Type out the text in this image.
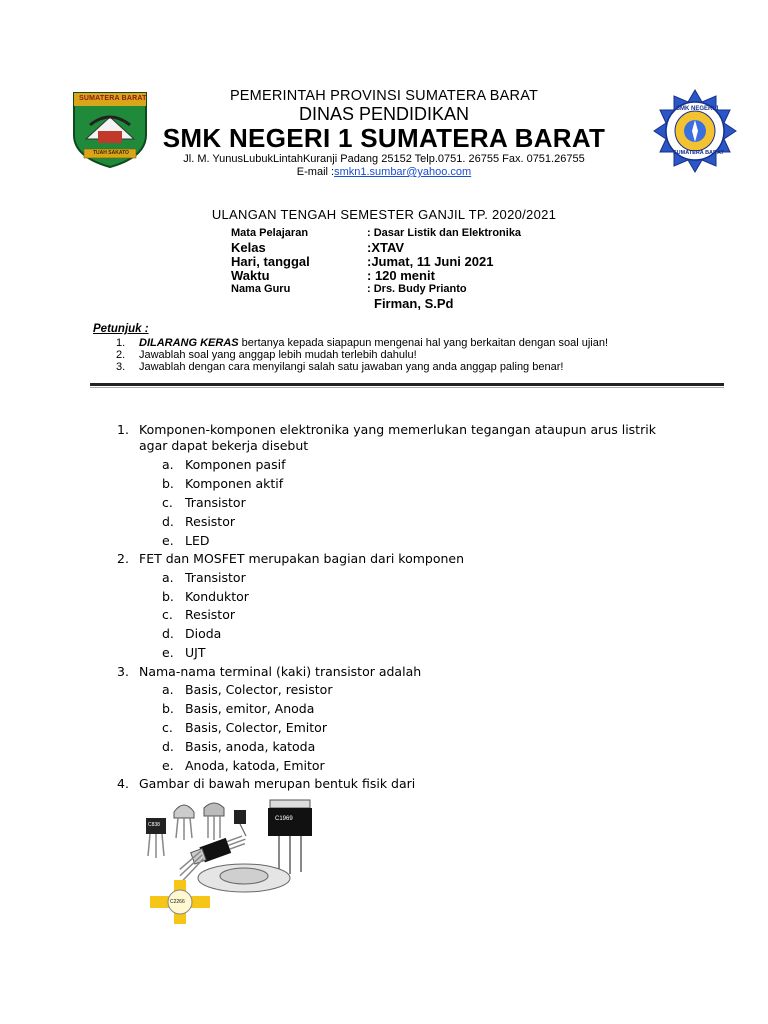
SUMATERA BARAT
TUAH SAKATO
SMK NEGERI 1
SUMATERA BARAT
PEMERINTAH PROVINSI SUMATERA BARAT
DINAS PENDIDIKAN
SMK NEGERI 1 SUMATERA BARAT
Jl. M. YunusLubukLintahKuranji Padang 25152 Telp.0751. 26755 Fax. 0751.26755
E-mail :smkn1.sumbar@yahoo.com
ULANGAN TENGAH SEMESTER GANJIL TP. 2020/2021
Mata Pelajaran	: Dasar Listik dan Elektronika
Kelas	:XTAV
Hari, tanggal	:Jumat, 11 Juni 2021
Waktu	: 120 menit
Nama Guru	: Drs. Budy Prianto
Firman, S.Pd
Petunjuk :
1. DILARANG KERAS bertanya kepada siapapun mengenai hal yang berkaitan dengan soal ujian!
2. Jawablah soal yang anggap lebih mudah terlebih dahulu!
3. Jawablah dengan cara menyilangi salah satu jawaban yang anda anggap paling benar!
1. Komponen-komponen elektronika yang memerlukan tegangan ataupun arus listrik agar dapat bekerja disebut
a. Komponen pasif
b. Komponen aktif
c. Transistor
d. Resistor
e. LED
2. FET dan MOSFET merupakan bagian dari komponen
a. Transistor
b. Konduktor
c. Resistor
d. Dioda
e. UJT
3. Nama-nama terminal (kaki) transistor adalah
a. Basis, Colector, resistor
b. Basis, emitor, Anoda
c. Basis, Colector, Emitor
d. Basis, anoda, katoda
e. Anoda, katoda, Emitor
4. Gambar di bawah merupan bentuk fisik dari
C838
C1969
C2266
